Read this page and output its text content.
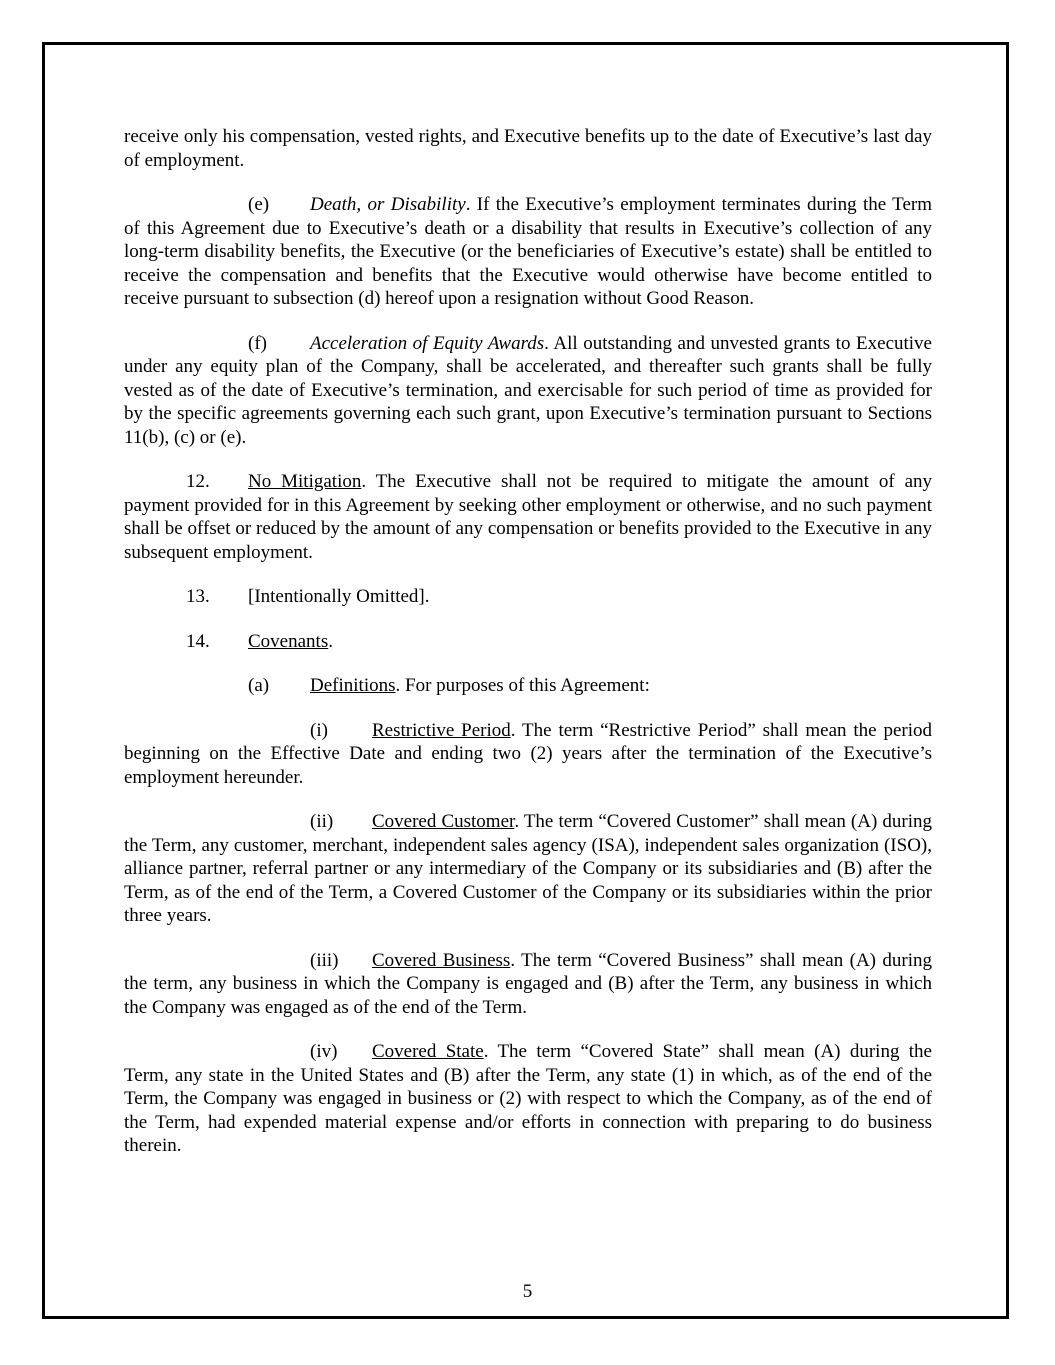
receive only his compensation, vested rights, and Executive benefits up to the date of Executive’s last day of employment.

(e) Death, or Disability. If the Executive’s employment terminates during the Term of this Agreement due to Executive’s death or a disability that results in Executive’s collection of any long-term disability benefits, the Executive (or the beneficiaries of Executive’s estate) shall be entitled to receive the compensation and benefits that the Executive would otherwise have become entitled to receive pursuant to subsection (d) hereof upon a resignation without Good Reason.

(f) Acceleration of Equity Awards. All outstanding and unvested grants to Executive under any equity plan of the Company, shall be accelerated, and thereafter such grants shall be fully vested as of the date of Executive’s termination, and exercisable for such period of time as provided for by the specific agreements governing each such grant, upon Executive’s termination pursuant to Sections 11(b), (c) or (e).

12. No Mitigation. The Executive shall not be required to mitigate the amount of any payment provided for in this Agreement by seeking other employment or otherwise, and no such payment shall be offset or reduced by the amount of any compensation or benefits provided to the Executive in any subsequent employment.

13. [Intentionally Omitted].

14. Covenants.

(a) Definitions. For purposes of this Agreement:

(i) Restrictive Period. The term “Restrictive Period” shall mean the period beginning on the Effective Date and ending two (2) years after the termination of the Executive’s employment hereunder.

(ii) Covered Customer. The term “Covered Customer” shall mean (A) during the Term, any customer, merchant, independent sales agency (ISA), independent sales organization (ISO), alliance partner, referral partner or any intermediary of the Company or its subsidiaries and (B) after the Term, as of the end of the Term, a Covered Customer of the Company or its subsidiaries within the prior three years.

(iii) Covered Business. The term “Covered Business” shall mean (A) during the term, any business in which the Company is engaged and (B) after the Term, any business in which the Company was engaged as of the end of the Term.

(iv) Covered State. The term “Covered State” shall mean (A) during the Term, any state in the United States and (B) after the Term, any state (1) in which, as of the end of the Term, the Company was engaged in business or (2) with respect to which the Company, as of the end of the Term, had expended material expense and/or efforts in connection with preparing to do business therein.

5
